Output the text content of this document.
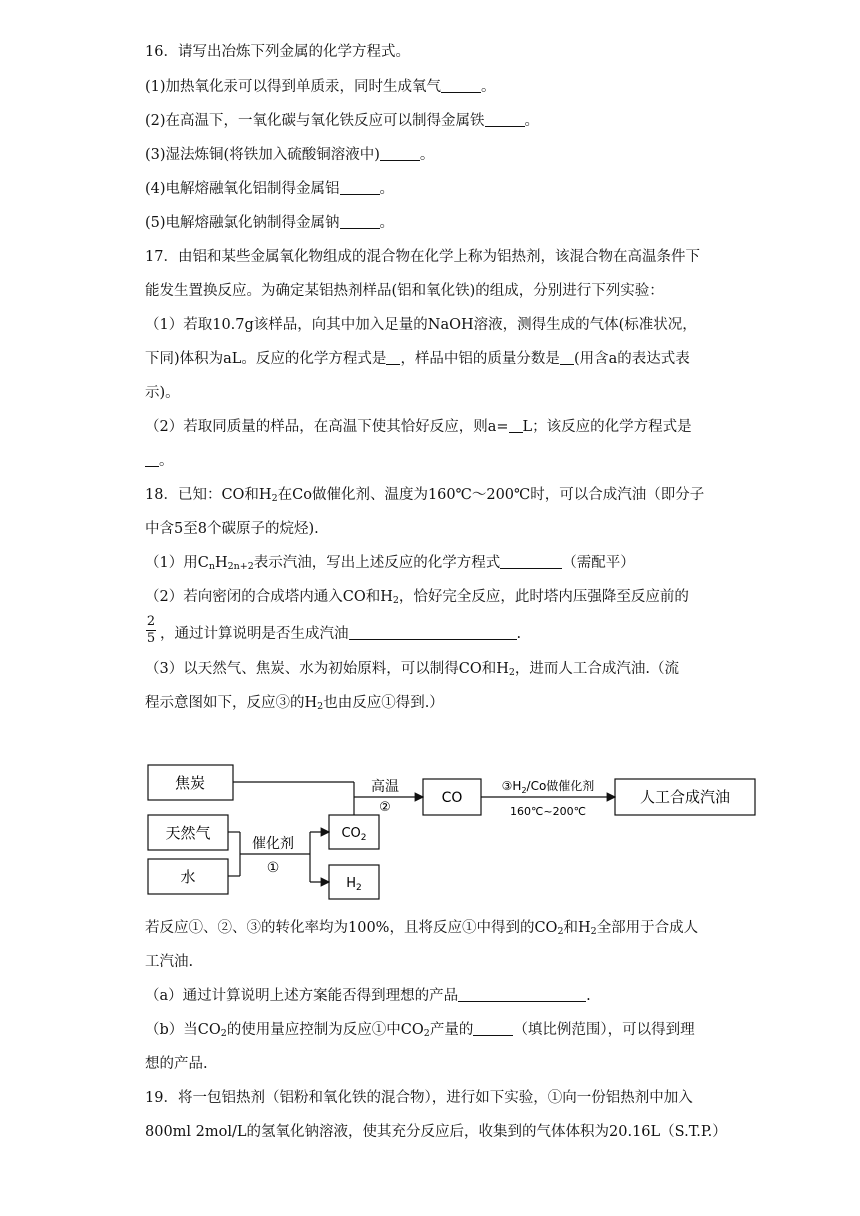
16．请写出冶炼下列金属的化学方程式。
(1)加热氧化汞可以得到单质汞，同时生成氧气	。
(2)在高温下，一氧化碳与氧化铁反应可以制得金属铁	。
(3)湿法炼铜(将铁加入硫酸铜溶液中)	。
(4)电解熔融氧化铝制得金属铝	。
(5)电解熔融氯化钠制得金属钠	。
17．由铝和某些金属氧化物组成的混合物在化学上称为铝热剂，该混合物在高温条件下
能发生置换反应。为确定某铝热剂样品(铝和氧化铁)的组成，分别进行下列实验：
（1）若取10.7g该样品，向其中加入足量的NaOH溶液，测得生成的气体(标准状况，
下同)体积为aL。反应的化学方程式是 ，样品中铝的质量分数是 (用含a的表达式表
示)。
（2）若取同质量的样品，在高温下使其恰好反应，则a= L；该反应的化学方程式是
。
18．已知：CO和$H_2$在Co做催化剂、温度为160℃～200℃时，可以合成汽油（即分子
中含5至8个碳原子的烷烃).
（1）用$C_nH_{2n+2}$表示汽油，写出上述反应的化学方程式	（需配平）
（2）若向密闭的合成塔内通入CO和$H_2$，恰好完全反应，此时塔内压强降至反应前的
2
5 ，通过计算说明是否生成汽油	.
（3）以天然气、焦炭、水为初始原料，可以制得CO和$H_2$，进而人工合成汽油.（流
程示意图如下，反应③的$H_2$也由反应①得到.）
焦炭
天然气
水
$CO_2$
$H_2$
CO	人工合成汽油
催化剂
①
高温
②
$③H_2/Co$做催化剂
160℃~200℃
若反应①、②、③的转化率均为100%，且将反应①中得到的$CO_2$和$H_2$全部用于合成人
工汽油.
（a）通过计算说明上述方案能否得到理想的产品	.
（b）当$CO_2$的使用量应控制为反应①中$CO_2$产量的	（填比例范围），可以得到理
想的产品.
19．将一包铝热剂（铝粉和氧化铁的混合物），进行如下实验，①向一份铝热剂中加入
800ml 2mol/L的氢氧化钠溶液，使其充分反应后，收集到的气体体积为20.16L（S.T.P.）
